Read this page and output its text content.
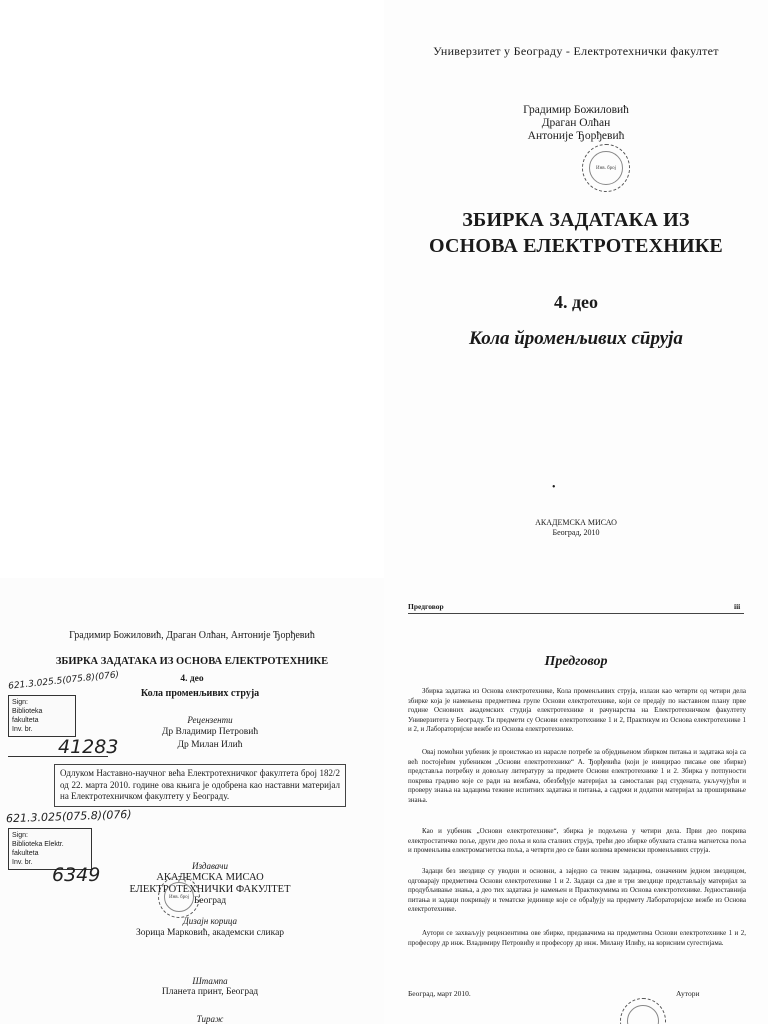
Универзитет у Београду - Електротехнички факултет
Градимир Божиловић
Драган Олћан
Антоније Ђорђевић
Инв. број
ЗБИРКА ЗАДАТАКА ИЗ
ОСНОВА ЕЛЕКТРОТЕХНИКЕ
4. део
Кола йроменљивих сӣруја
•
АКАДЕМСКА МИСАО
Београд, 2010
Градимир Божиловић, Драган Олћан, Антоније Ђорђевић
ЗБИРКА ЗАДАТАКА ИЗ ОСНОВА ЕЛЕКТРОТЕХНИКЕ
4. део
Кола променљивих струја
621.3.025.5(075.8)(076)
Sign:
Biblioteka
fakulteta
Inv. br.
41283
Рецензенти
Др Владимир Петровић
Др Милан Илић
Одлуком Наставно-научног већа Електротехничког факултета број 182/2 од 22. марта 2010. године ова књига је одобрена као наставни материјал на Електротехничком факултету у Београду.
621.3.025(075.8)(076)
Sign:
Biblioteka Elektr.
fakulteta
Inv. br.
6349	Издавачи
АКАДЕМСКА МИСАО
ЕЛЕКТРОТЕХНИЧКИ ФАКУЛТЕТ
Београд
Инв. број
Дизајн корица
Зорица Марковић, академски сликар
Штампа
Планета принт, Београд
Тираж
Предговор	iii
Предговор
Збирка задатака из Основа електротехнике, Кола променљивих струја, излази као четврти од четири дела збирке која је намењена предметима групе Основи електротехнике, који се предају по наставном плану прве године Основних академских студија електротехнике и рачунарства на Електротехничком факултету Универзитета у Београду. Ти предмети су Основи електротехнике 1 и 2, Практикум из Основа електротехнике 1 и 2, и Лабораторијске вежбе из Основа електротехнике.
Овај помоћни уџбеник је проистекао из нарасле потребе за обједињеном збирком питања и задатака која са већ постојећим уџбеником „Основи електротехнике“ А. Ђорђевића (који је иницирао писање ове збирке) представља потребну и довољну литературу за предмете Основи електротехнике 1 и 2. Збирка у потпуности покрива градиво које се ради на вежбама, обезбеђује материјал за самосталан рад студената, укључујући и проверу знања на задацима тежине испитних задатака и питања, а садржи и додатни материјал за проширивање знања.
Као и уџбеник „Основи електротехнике“, збирка је подељена у четири дела. Први део покрива електростатичко поље, други део поља и кола сталних струја, трећи део збирке обухвата стална магнетска поља и променљива електромагнетска поља, а четврти део се бави колима временски променљивих струја.
Задаци без звездице су уводни и основни, а заједно са тежим задацима, означеним једном звездицом, одговарају предметима Основи електротехнике 1 и 2. Задаци са две и три звездице представљају материјал за продубљивање знања, а део тих задатака је намењен и Практикумима из Основа електротехнике. Једноставнија питања и задаци покривају и тематске јединице које се обрађују на предмету Лабораторијске вежбе из Основа електротехнике.
Аутори се захваљују рецензентима ове збирке, предавачима на предметима Основи електротехнике 1 и 2, професору др инж. Владимиру Петровићу и професору др инж. Милану Илићу, на корисним сугестијама.
Београд, март 2010.	Аутори
